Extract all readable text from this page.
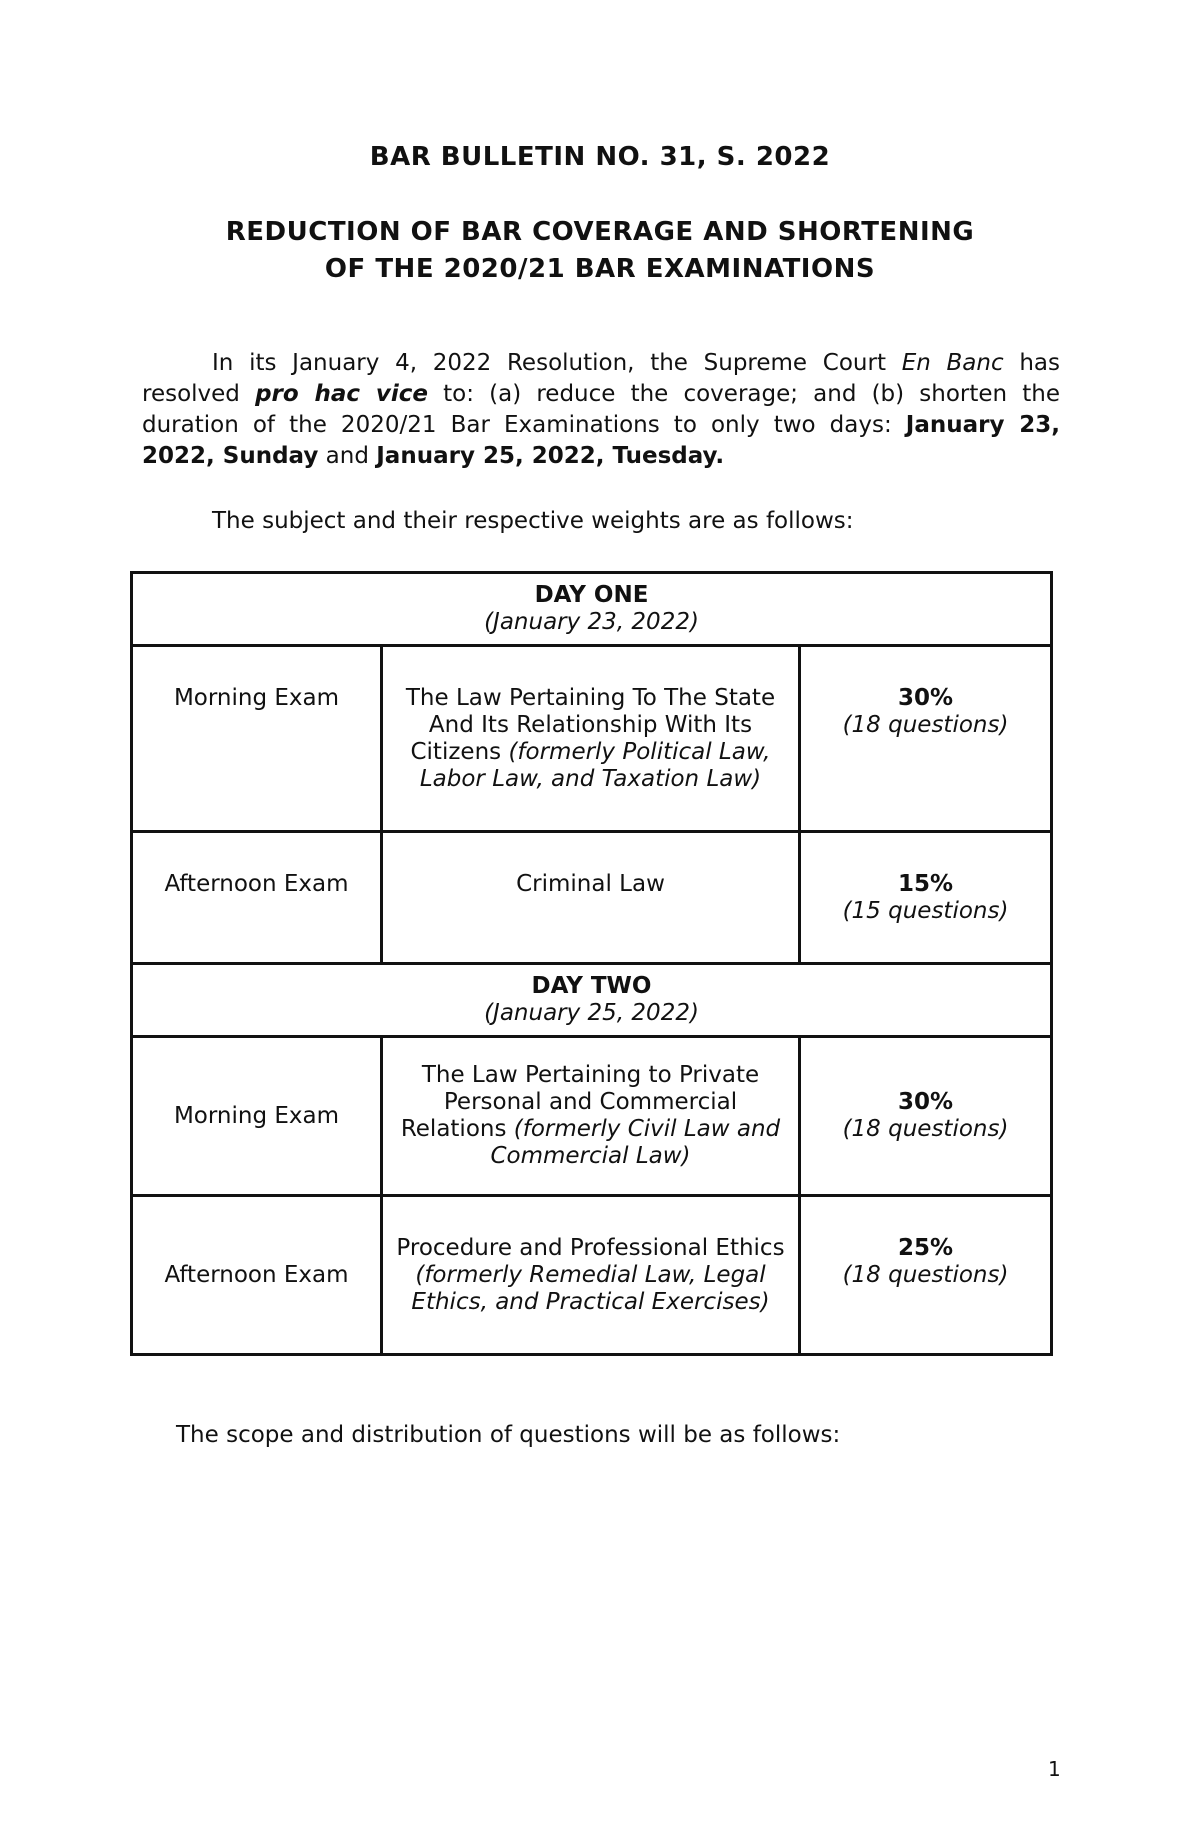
BAR BULLETIN NO. 31, S. 2022
REDUCTION OF BAR COVERAGE AND SHORTENING
OF THE 2020/21 BAR EXAMINATIONS

In its January 4, 2022 Resolution, the Supreme Court En Banc has resolved pro hac vice to: (a) reduce the coverage; and (b) shorten the duration of the 2020/21 Bar Examinations to only two days: January 23, 2022, Sunday and January 25, 2022, Tuesday.

The subject and their respective weights are as follows:

DAY ONE
(January 23, 2022)		

Morning Exam	The Law Pertaining To The State And Its Relationship With Its Citizens (formerly Political Law, Labor Law, and Taxation Law)	30%
(18 questions)

Afternoon Exam	Criminal Law	15%
(15 questions)

DAY TWO
(January 25, 2022)		

Morning Exam	The Law Pertaining to Private Personal and Commercial Relations (formerly Civil Law and Commercial Law)	30%
(18 questions)

Afternoon Exam	Procedure and Professional Ethics (formerly Remedial Law, Legal Ethics, and Practical Exercises)	25%
(18 questions)

The scope and distribution of questions will be as follows:

1
